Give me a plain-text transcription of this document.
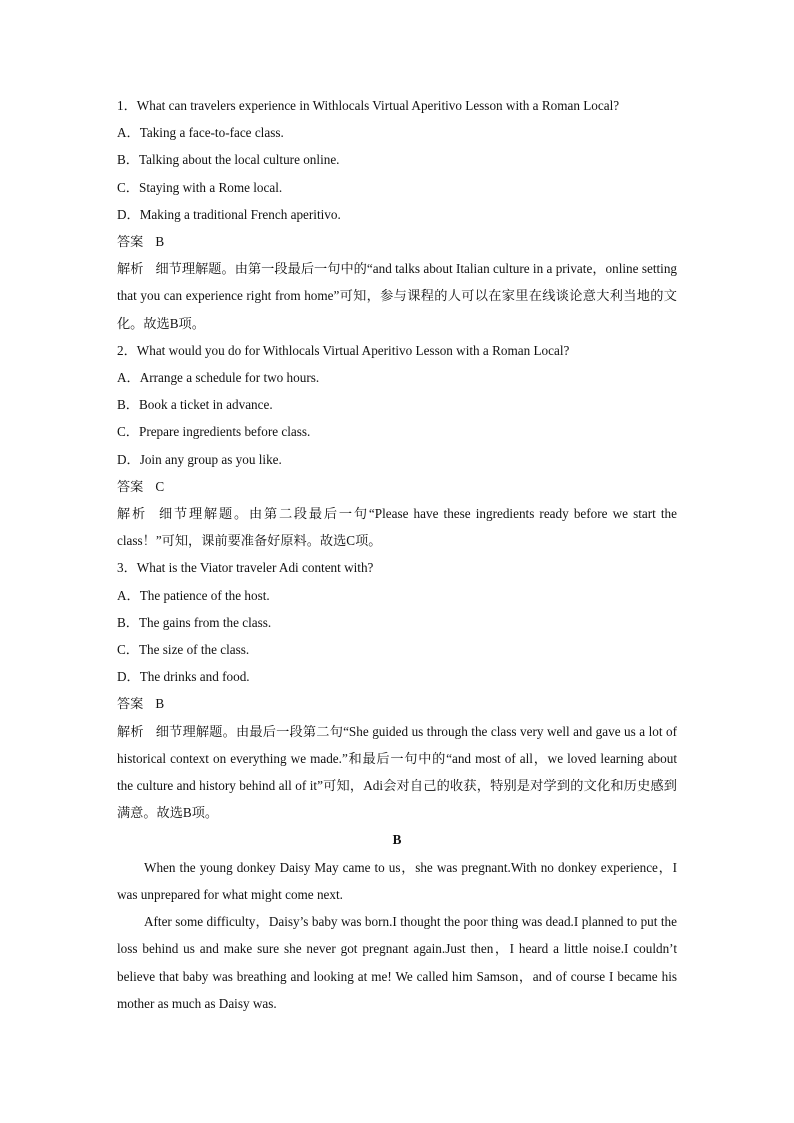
1．What can travelers experience in Withlocals Virtual Aperitivo Lesson with a Roman Local?
A．Taking a face-to-face class.
B．Talking about the local culture online.
C．Staying with a Rome local.
D．Making a traditional French aperitivo.
答案 B
解析 细节理解题。由第一段最后一句中的“and talks about Italian culture in a private，online setting that you can experience right from home”可知，参与课程的人可以在家里在线谈论意大利当地的文化。故选B项。
2．What would you do for Withlocals Virtual Aperitivo Lesson with a Roman Local?
A．Arrange a schedule for two hours.
B．Book a ticket in advance.
C．Prepare ingredients before class.
D．Join any group as you like.
答案 C
解析 细节理解题。由第二段最后一句“Please have these ingredients ready before we start the class！”可知，课前要准备好原料。故选C项。
3．What is the Viator traveler Adi content with?
A．The patience of the host.
B．The gains from the class.
C．The size of the class.
D．The drinks and food.
答案 B
解析 细节理解题。由最后一段第二句“She guided us through the class very well and gave us a lot of historical context on everything we made.”和最后一句中的“and most of all，we loved learning about the culture and history behind all of it”可知，Adi会对自己的收获，特别是对学到的文化和历史感到满意。故选B项。
B
When the young donkey Daisy May came to us，she was pregnant.With no donkey experience，I was unprepared for what might come next.
After some difficulty，Daisy’s baby was born.I thought the poor thing was dead.I planned to put the loss behind us and make sure she never got pregnant again.Just then，I heard a little noise.I couldn’t believe that baby was breathing and looking at me! We called him Samson，and of course I became his mother as much as Daisy was.
